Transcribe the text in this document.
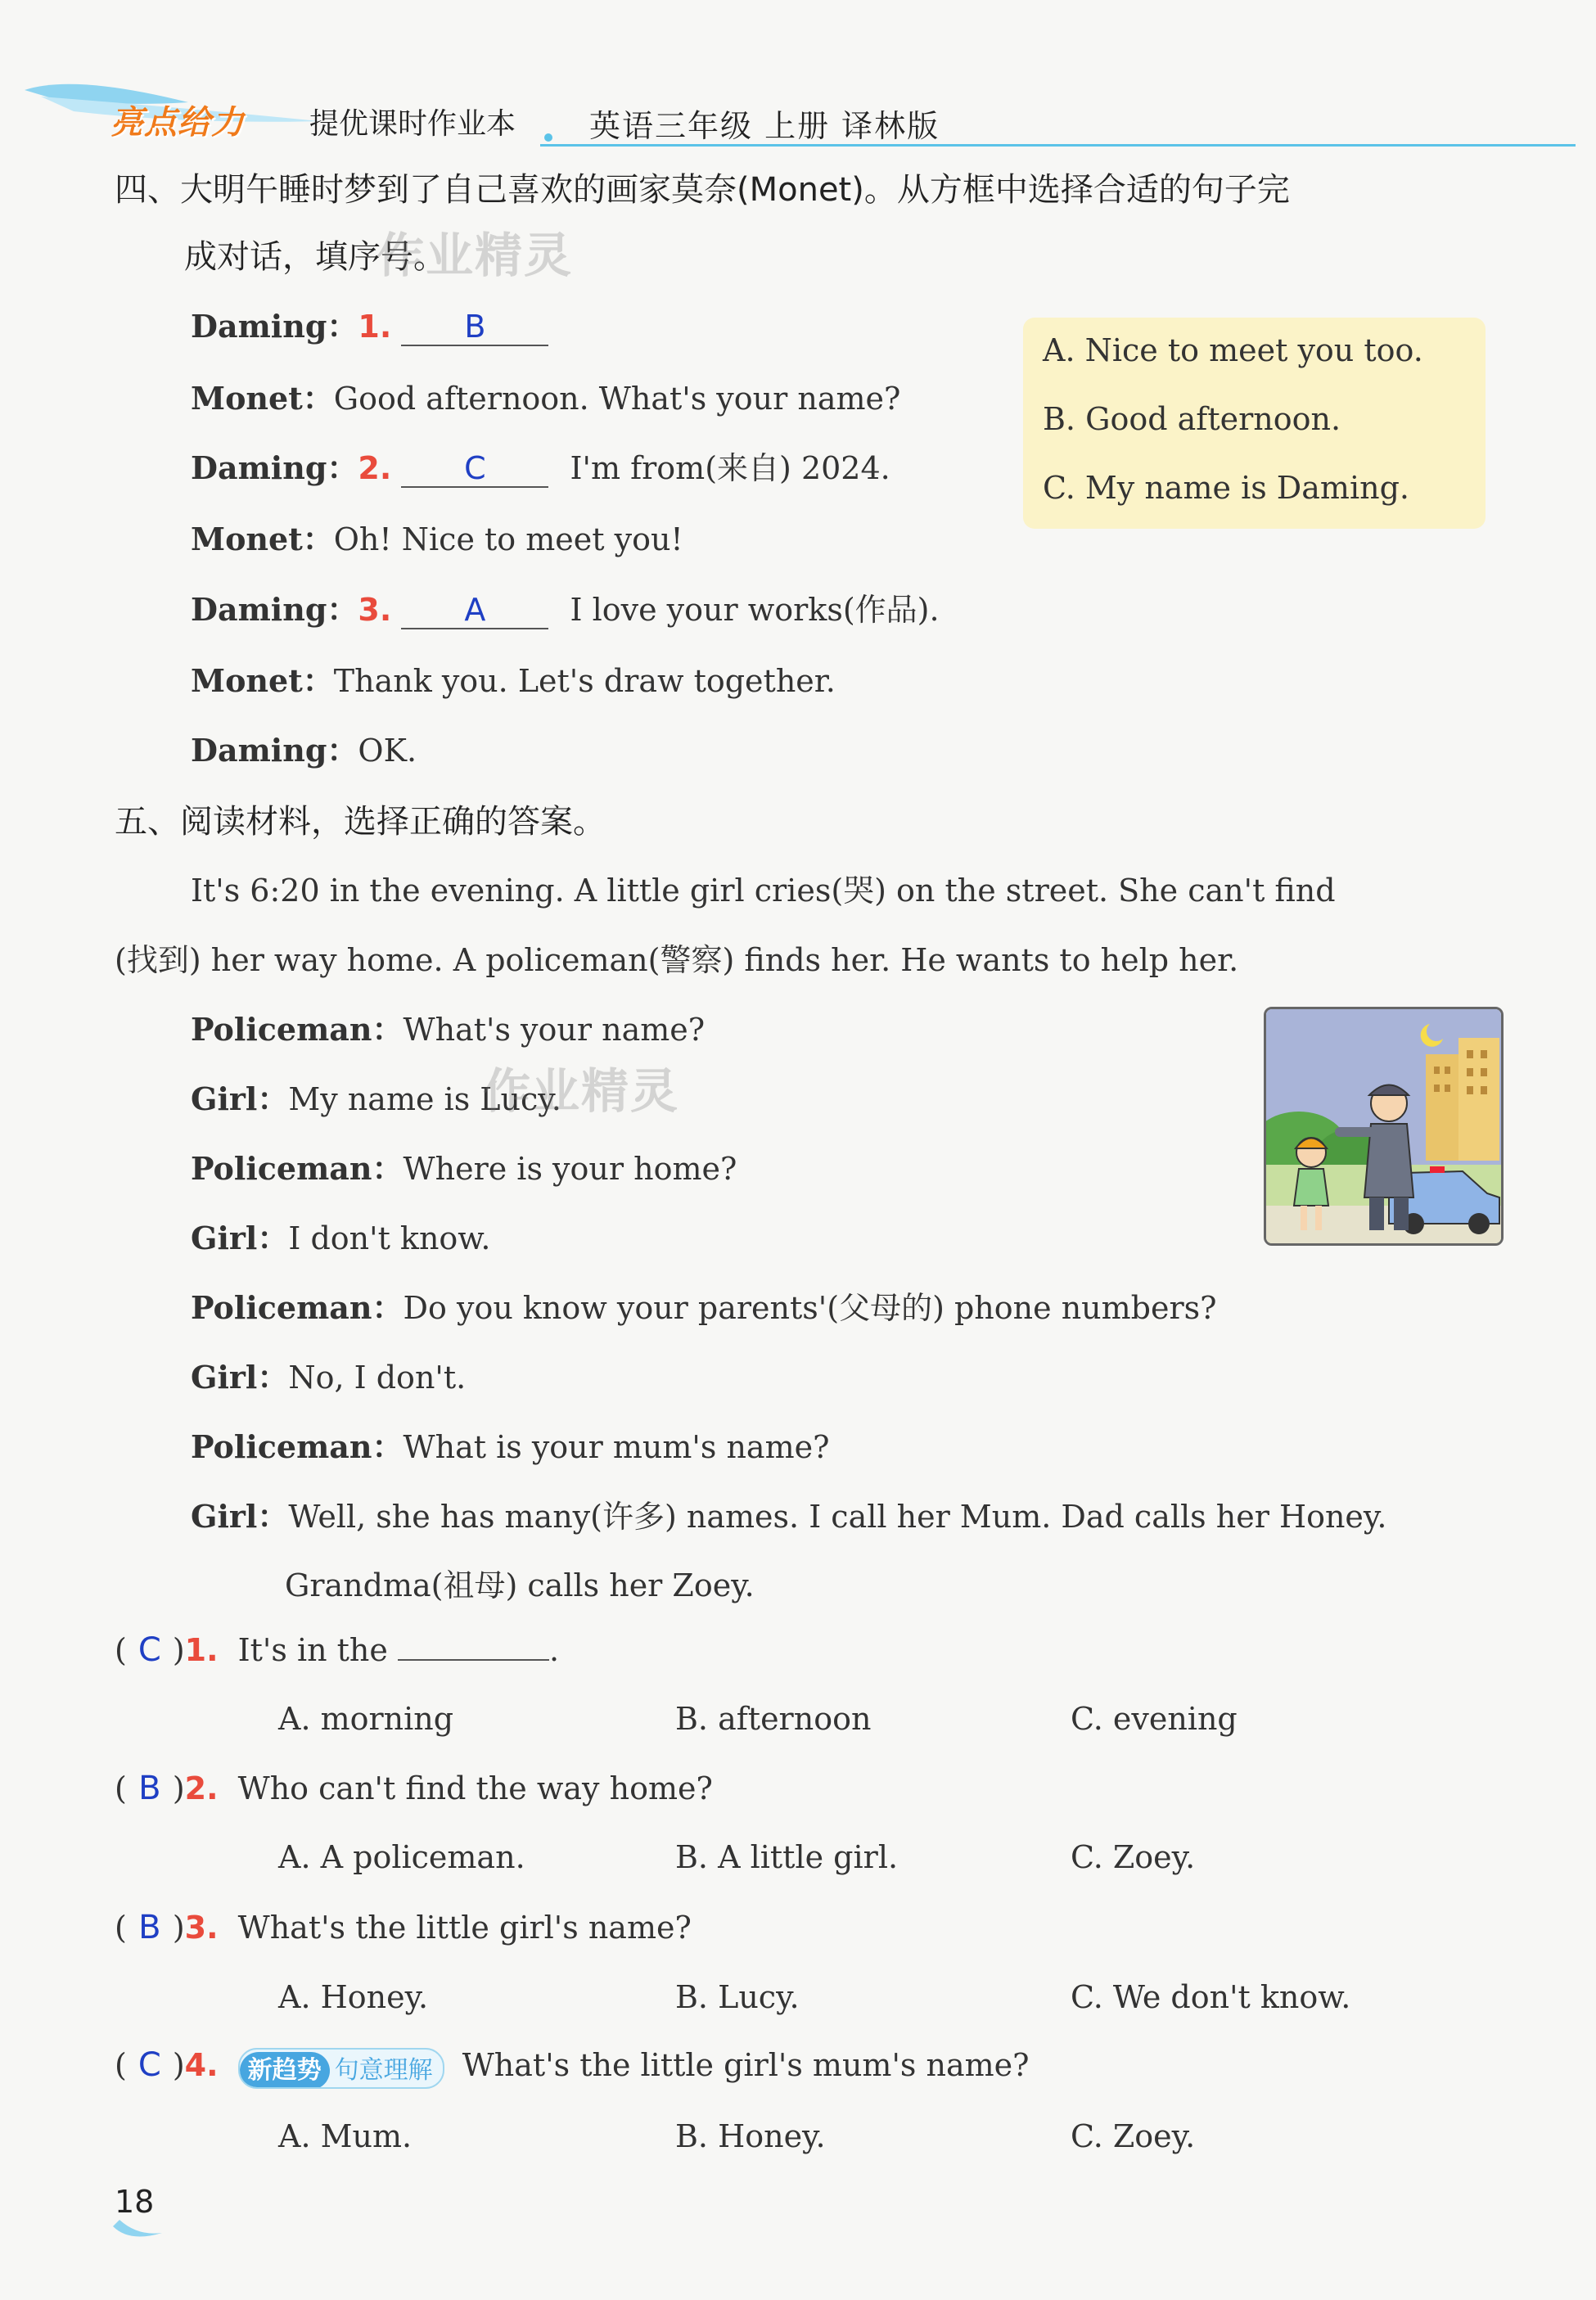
亮点给力 提优课时作业本 英语三年级 上册 译林版
四、大明午睡时梦到了自己喜欢的画家莫奈(Monet)。从方框中选择合适的句子完
成对话，填序号。
作业精灵
Daming：1. B
Monet：Good afternoon. What's your name?
Daming：2. C	I'm from(来自) 2024.
Monet：Oh! Nice to meet you!
Daming：3. A	I love your works(作品).
Monet：Thank you. Let's draw together.
Daming：OK.
A. Nice to meet you too.
B. Good afternoon.
C. My name is Daming.
五、阅读材料，选择正确的答案。
It's 6:20 in the evening. A little girl cries(哭) on the street. She can't find
(找到) her way home. A policeman(警察) finds her. He wants to help her.
Policeman：What's your name?
Girl：My name is Lucy.
Policeman：Where is your home?
Girl：I don't know.
Policeman：Do you know your parents'(父母的) phone numbers?
Girl：No, I don't.
Policeman：What is your mum's name?
Girl：Well, she has many(许多) names. I call her Mum. Dad calls her Honey.
Grandma(祖母) calls her Zoey.
作业精灵
( C )1. It's in the	.
A. morning	B. afternoon	C. evening
( B )2. Who can't find the way home?
A. A policeman.	B. A little girl.	C. Zoey.
( B )3. What's the little girl's name?
A. Honey.	B. Lucy.	C. We don't know.
( C )4. 新趋势 句意理解 What's the little girl's mum's name?
A. Mum.	B. Honey.	C. Zoey.
18
